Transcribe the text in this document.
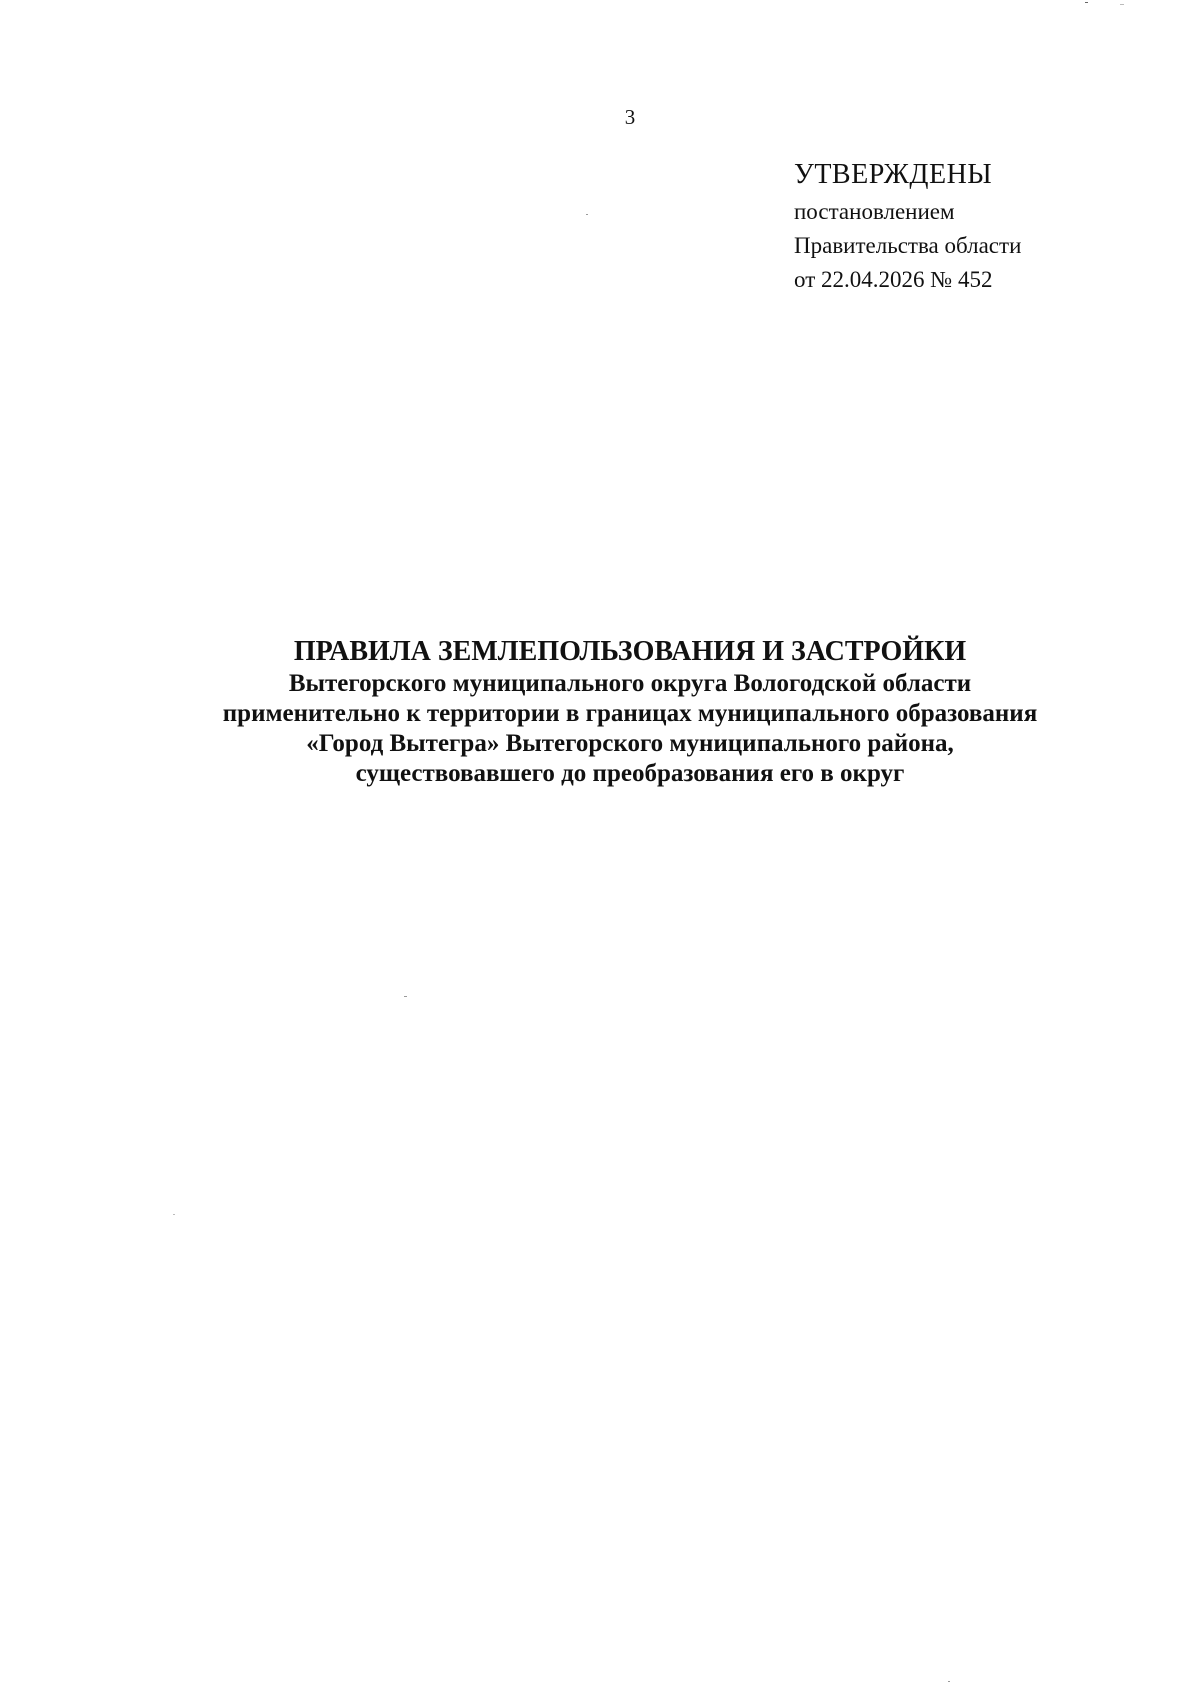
3
УТВЕРЖДЕНЫ
постановлением
Правительства области
от 22.04.2026 № 452
ПРАВИЛА ЗЕМЛЕПОЛЬЗОВАНИЯ И ЗАСТРОЙКИ
Вытегорского муниципального округа Вологодской области
применительно к территории в границах муниципального образования
«Город Вытегра» Вытегорского муниципального района,
существовавшего до преобразования его в округ
